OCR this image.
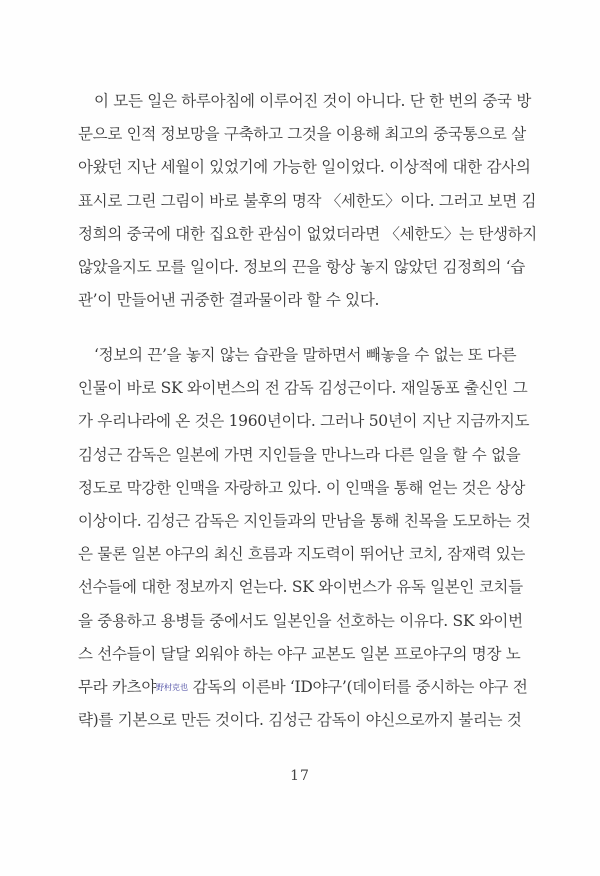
이 모든 일은 하루아침에 이루어진 것이 아니다. 단 한 번의 중국 방
문으로 인적 정보망을 구축하고 그것을 이용해 최고의 중국통으로 살
아왔던 지난 세월이 있었기에 가능한 일이었다. 이상적에 대한 감사의
표시로 그린 그림이 바로 불후의 명작 〈세한도〉이다. 그러고 보면 김
정희의 중국에 대한 집요한 관심이 없었더라면 〈세한도〉는 탄생하지
않았을지도 모를 일이다. 정보의 끈을 항상 놓지 않았던 김정희의 ‘습
관’이 만들어낸 귀중한 결과물이라 할 수 있다.
‘정보의 끈’을 놓지 않는 습관을 말하면서 빼놓을 수 없는 또 다른
인물이 바로 SK 와이번스의 전 감독 김성근이다. 재일동포 출신인 그
가 우리나라에 온 것은 1960년이다. 그러나 50년이 지난 지금까지도
김성근 감독은 일본에 가면 지인들을 만나느라 다른 일을 할 수 없을
정도로 막강한 인맥을 자랑하고 있다. 이 인맥을 통해 얻는 것은 상상
이상이다. 김성근 감독은 지인들과의 만남을 통해 친목을 도모하는 것
은 물론 일본 야구의 최신 흐름과 지도력이 뛰어난 코치, 잠재력 있는
선수들에 대한 정보까지 얻는다. SK 와이번스가 유독 일본인 코치들
을 중용하고 용병들 중에서도 일본인을 선호하는 이유다. SK 와이번
스 선수들이 달달 외워야 하는 야구 교본도 일본 프로야구의 명장 노
무라 카츠야野村克也 감독의 이른바 ‘ID야구’(데이터를 중시하는 야구 전
략)를 기본으로 만든 것이다. 김성근 감독이 야신으로까지 불리는 것
17
